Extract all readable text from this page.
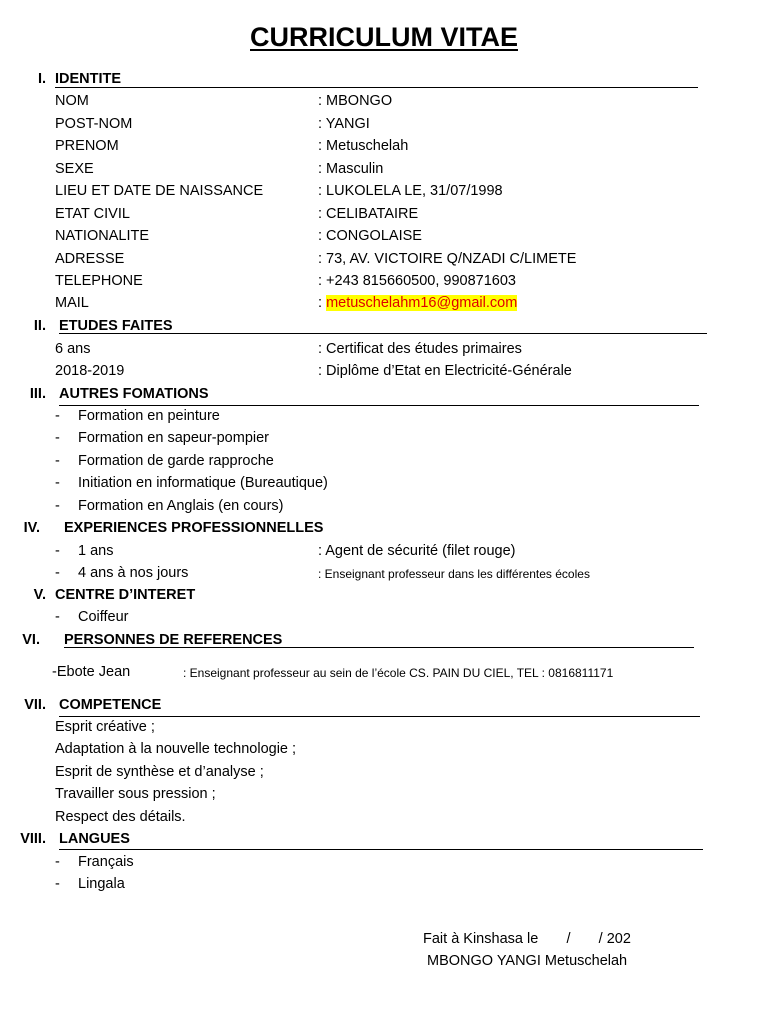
CURRICULUM VITAE
I. IDENTITE
NOM	: MBONGO
POST-NOM	: YANGI
PRENOM	: Metuschelah
SEXE	: Masculin
LIEU ET DATE DE NAISSANCE	: LUKOLELA LE, 31/07/1998
ETAT CIVIL	: CELIBATAIRE
NATIONALITE	: CONGOLAISE
ADRESSE	: 73, AV. VICTOIRE Q/NZADI C/LIMETE
TELEPHONE	: +243 815660500, 990871603
MAIL	: metuschelahm16@gmail.com
II. ETUDES FAITES
6 ans	: Certificat des études primaires
2018-2019	: Diplôme d’Etat en Electricité-Générale
III. AUTRES FOMATIONS
- Formation en peinture
- Formation en sapeur-pompier
- Formation de garde rapproche
- Initiation en informatique (Bureautique)
- Formation en Anglais (en cours)
IV. EXPERIENCES PROFESSIONNELLES
- 1 ans	: Agent de sécurité (filet rouge)
- 4 ans à nos jours	: Enseignant professeur dans les différentes écoles
V. CENTRE D’INTERET
- Coiffeur
VI. PERSONNES DE REFERENCES
-Ebote Jean	: Enseignant professeur au sein de l’école CS. PAIN DU CIEL, TEL : 0816811171
VII. COMPETENCE
Esprit créative ;
Adaptation à la nouvelle technologie ;
Esprit de synthèse et d’analyse ;
Travailler sous pression ;
Respect des détails.
VIII. LANGUES
- Français
- Lingala
Fait à Kinshasa le       /       / 202
MBONGO YANGI Metuschelah
